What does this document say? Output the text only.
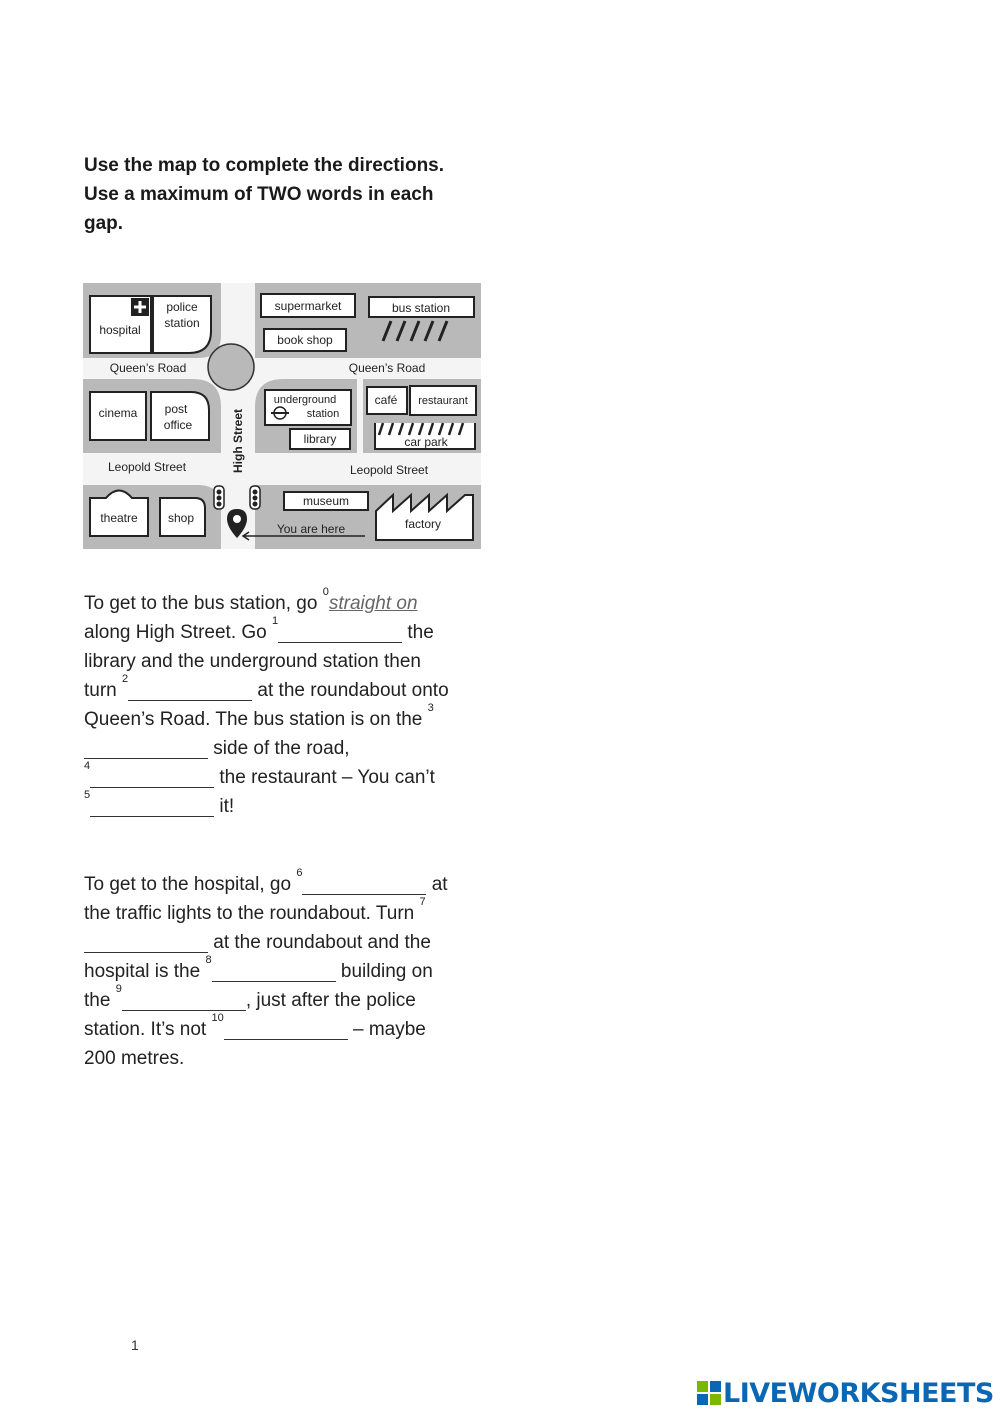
Use the map to complete the directions.
Use a maximum of TWO words in each
gap.
hospital
police
station
supermarket	bus station
book shop
Queen’s Road	Queen’s Road
Leopold Street	Leopold Street
High Street
cinema post
office
underground
station
library
café restaurant
car park
theatre	shop
museum
You are here	factory
To get to the bus station, go $^0$straight on
along High Street. Go $^1$
the
library and the underground station then
turn $^2$
at the roundabout onto
Queen’s Road. The bus station is on the $^3$
side of the road,
$^4$
the restaurant – You can’t
$^5$
it!
To get to the hospital, go $^6$
at
the traffic lights to the roundabout. Turn $^7$
at the roundabout and the
hospital is the $^8$
building on
the $^9$
, just after the police
station. It’s not $^{10}$
– maybe
200 metres.
1
LIVEWORKSHEETS
